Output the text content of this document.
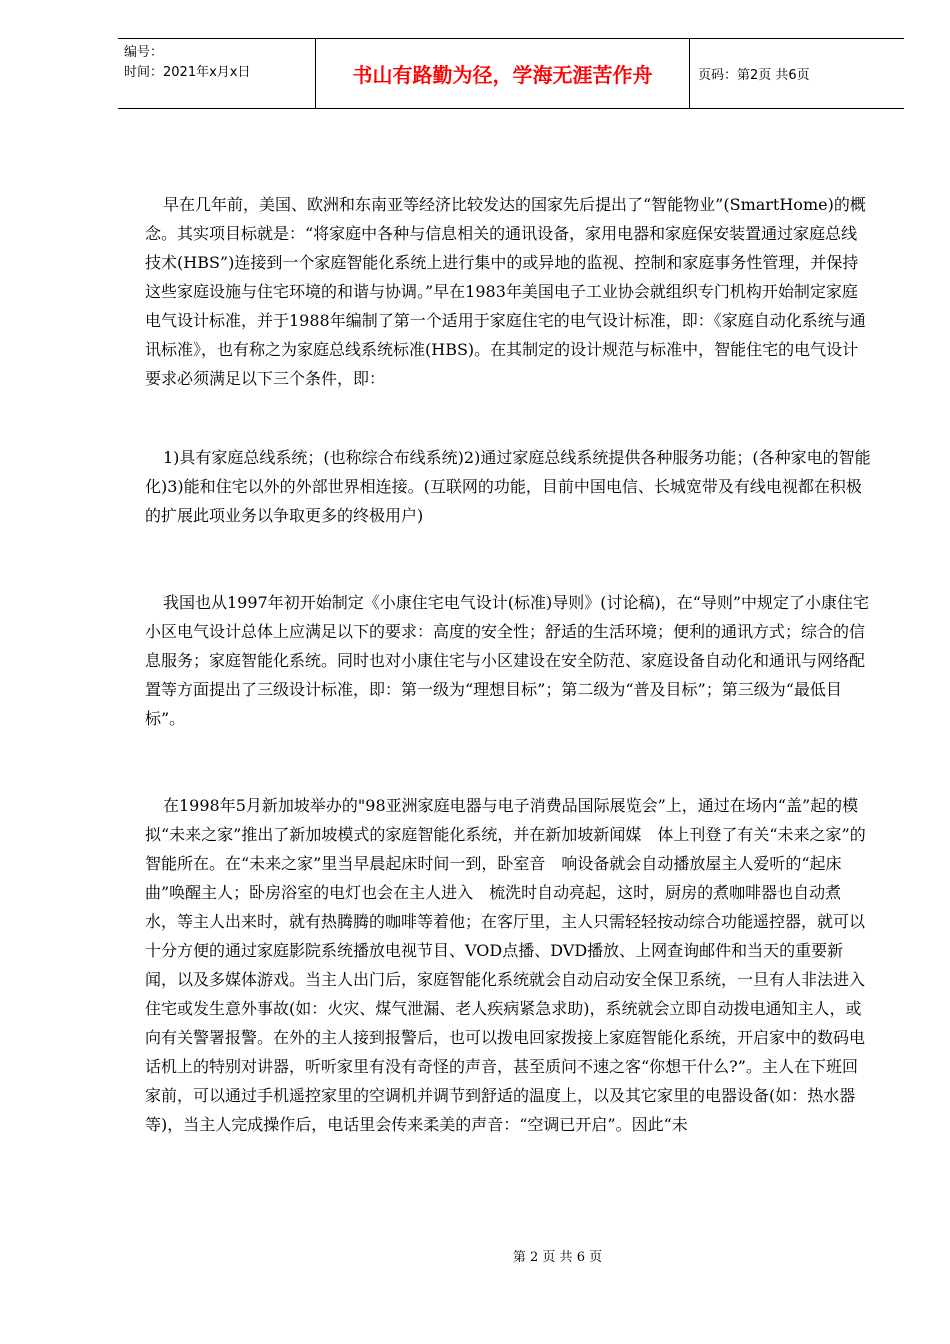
编号：
时间：2021年x月x日	书山有路勤为径，学海无涯苦作舟	页码：第2页 共6页

早在几年前，美国、欧洲和东南亚等经济比较发达的国家先后提出了“智能物业”(SmartHome)的概念。其实项目标就是：“将家庭中各种与信息相关的通讯设备，家用电器和家庭保安装置通过家庭总线技术(HBS”)连接到一个家庭智能化系统上进行集中的或异地的监视、控制和家庭事务性管理，并保持这些家庭设施与住宅环境的和谐与协调。”早在1983年美国电子工业协会就组织专门机构开始制定家庭电气设计标准，并于1988年编制了第一个适用于家庭住宅的电气设计标准，即：《家庭自动化系统与通讯标准》，也有称之为家庭总线系统标准(HBS)。在其制定的设计规范与标准中，智能住宅的电气设计要求必须满足以下三个条件，即：

1)具有家庭总线系统；(也称综合布线系统)2)通过家庭总线系统提供各种服务功能；(各种家电的智能化)3)能和住宅以外的外部世界相连接。(互联网的功能，目前中国电信、长城宽带及有线电视都在积极的扩展此项业务以争取更多的终极用户)

我国也从1997年初开始制定《小康住宅电气设计(标准)导则》(讨论稿)，在“导则”中规定了小康住宅小区电气设计总体上应满足以下的要求：高度的安全性；舒适的生活环境；便利的通讯方式；综合的信息服务；家庭智能化系统。同时也对小康住宅与小区建设在安全防范、家庭设备自动化和通讯与网络配置等方面提出了三级设计标准，即：第一级为“理想目标”；第二级为“普及目标”；第三级为“最低目标”。

在1998年5月新加坡举办的"98亚洲家庭电器与电子消费品国际展览会”上，通过在场内“盖”起的模拟“未来之家”推出了新加坡模式的家庭智能化系统，并在新加坡新闻媒　体上刊登了有关“未来之家”的智能所在。在“未来之家”里当早晨起床时间一到，卧室音　响设备就会自动播放屋主人爱听的“起床曲”唤醒主人；卧房浴室的电灯也会在主人进入　梳洗时自动亮起，这时，厨房的煮咖啡器也自动煮水，等主人出来时，就有热腾腾的咖啡等着他；在客厅里，主人只需轻轻按动综合功能遥控器，就可以十分方便的通过家庭影院系统播放电视节目、VOD点播、DVD播放、上网查询邮件和当天的重要新闻，以及多媒体游戏。当主人出门后，家庭智能化系统就会自动启动安全保卫系统，一旦有人非法进入住宅或发生意外事故(如：火灾、煤气泄漏、老人疾病紧急求助)，系统就会立即自动拨电通知主人，或向有关警署报警。在外的主人接到报警后，也可以拨电回家拨接上家庭智能化系统，开启家中的数码电话机上的特别对讲器，听听家里有没有奇怪的声音，甚至质问不速之客“你想干什么?”。主人在下班回家前，可以通过手机遥控家里的空调机并调节到舒适的温度上，以及其它家里的电器设备(如：热水器等)，当主人完成操作后，电话里会传来柔美的声音：“空调已开启”。因此“未

第 2 页 共 6 页
